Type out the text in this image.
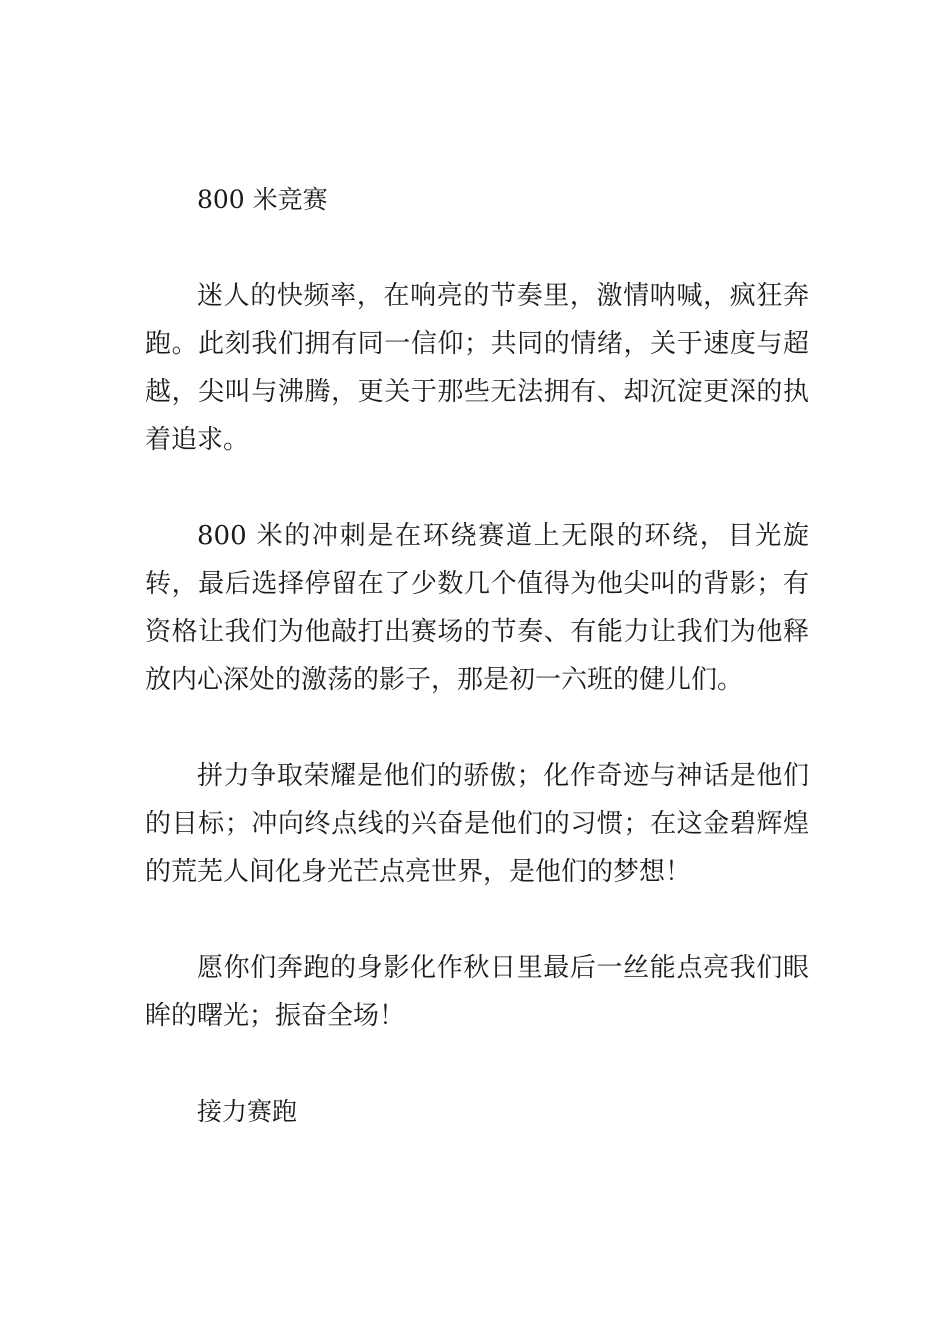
800 米竞赛

迷人的快频率，在响亮的节奏里，激情呐喊，疯狂奔跑。此刻我们拥有同一信仰；共同的情绪，关于速度与超越，尖叫与沸腾，更关于那些无法拥有、却沉淀更深的执着追求。

800 米的冲刺是在环绕赛道上无限的环绕，目光旋转，最后选择停留在了少数几个值得为他尖叫的背影；有资格让我们为他敲打出赛场的节奏、有能力让我们为他释放内心深处的激荡的影子，那是初一六班的健儿们。

拼力争取荣耀是他们的骄傲；化作奇迹与神话是他们的目标；冲向终点线的兴奋是他们的习惯；在这金碧辉煌的荒芜人间化身光芒点亮世界，是他们的梦想！

愿你们奔跑的身影化作秋日里最后一丝能点亮我们眼眸的曙光；振奋全场！

接力赛跑
